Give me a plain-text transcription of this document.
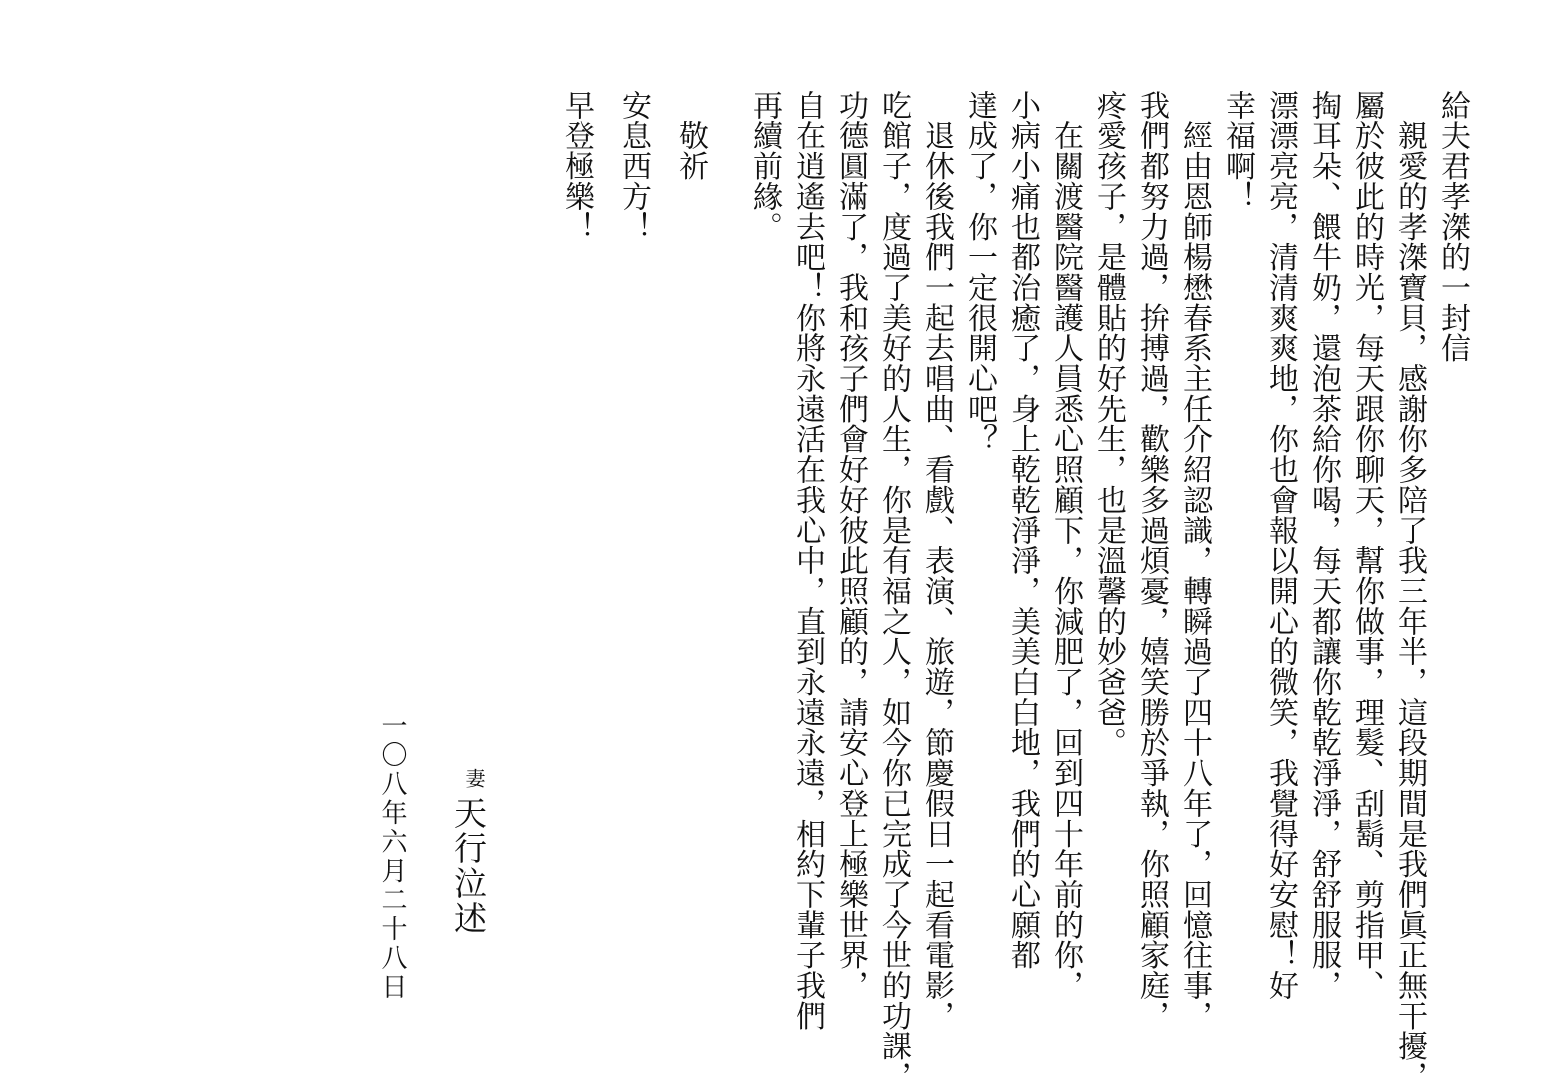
給夫君孝滐的一封信

　親愛的孝滐寶貝，感謝你多陪了我三年半，這段期間是我們眞正無干擾，

屬於彼此的時光，每天跟你聊天，幫你做事，理髮、刮鬍、剪指甲、

掏耳朵、餵牛奶，還泡茶給你喝，每天都讓你乾乾淨淨，舒舒服服，

漂漂亮亮，清清爽爽地，你也會報以開心的微笑，我覺得好安慰！好

幸福啊！

　經由恩師楊懋春系主任介紹認識，轉瞬過了四十八年了，回憶往事，

我們都努力過，拚搏過，歡樂多過煩憂，嬉笑勝於爭執，你照顧家庭，

疼愛孩子，是體貼的好先生，也是溫馨的妙爸爸。

　在關渡醫院醫護人員悉心照顧下，你減肥了，回到四十年前的你，

小病小痛也都治癒了，身上乾乾淨淨，美美白白地，我們的心願都

達成了，你一定很開心吧？

　退休後我們一起去唱曲、看戲、表演、旅遊，節慶假日一起看電影，

吃館子，度過了美好的人生，你是有福之人，如今你已完成了今世的功課，

功德圓滿了，我和孩子們會好好彼此照顧的，請安心登上極樂世界，

自在逍遙去吧！你將永遠活在我心中，直到永遠永遠，相約下輩子我們

再續前緣。

　敬祈

安息西方！

早登極樂！

妻
天行泣述
一〇八年六月二十八日
